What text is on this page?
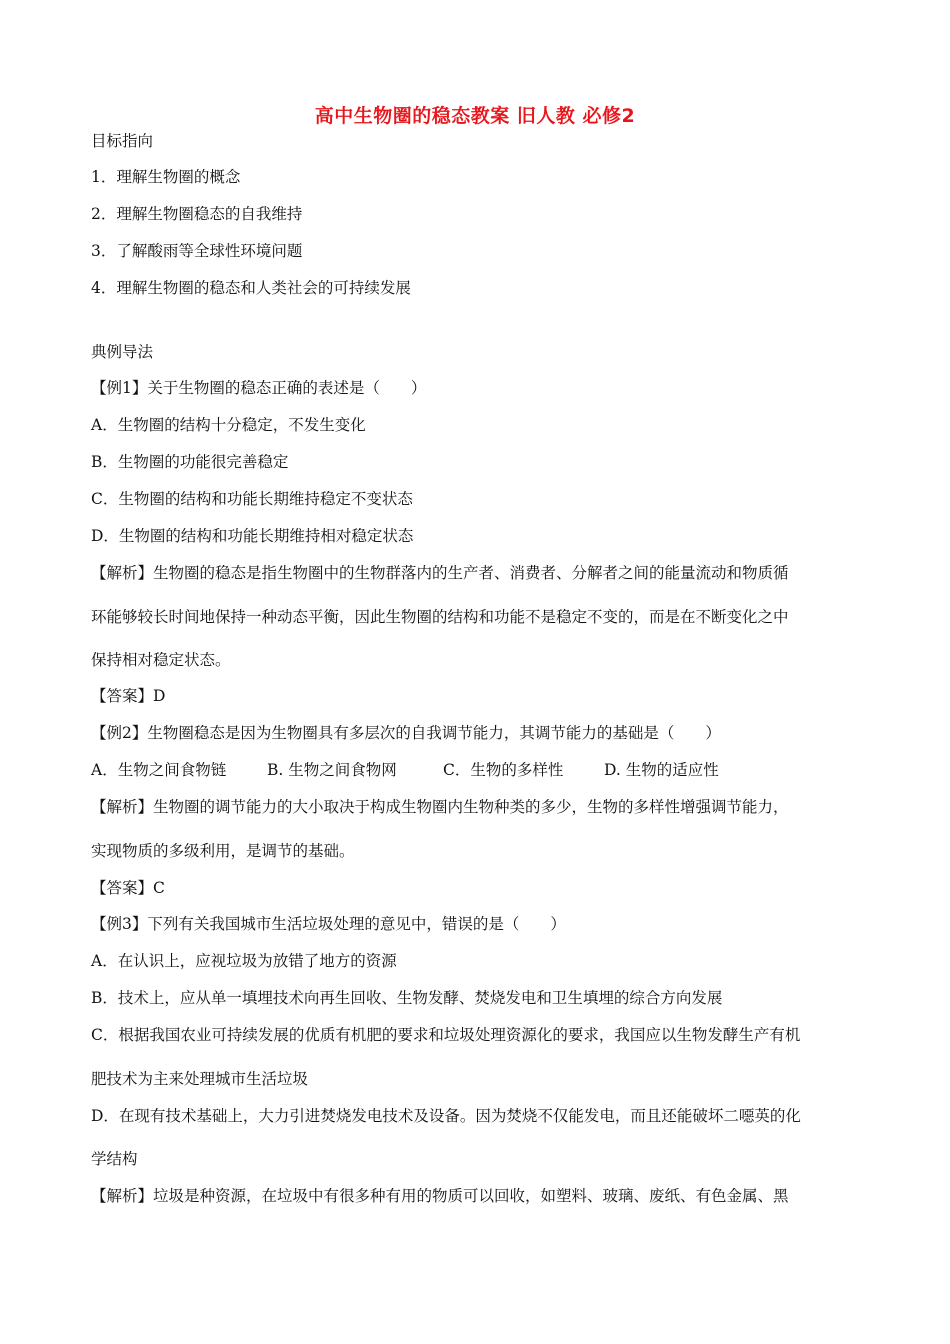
高中生物圈的稳态教案 旧人教 必修2
目标指向
1．理解生物圈的概念
2．理解生物圈稳态的自我维持
3．了解酸雨等全球性环境问题
4．理解生物圈的稳态和人类社会的可持续发展
典例导法
【例1】关于生物圈的稳态正确的表述是（　　）
A．生物圈的结构十分稳定，不发生变化
B．生物圈的功能很完善稳定
C．生物圈的结构和功能长期维持稳定不变状态
D．生物圈的结构和功能长期维持相对稳定状态
【解析】生物圈的稳态是指生物圈中的生物群落内的生产者、消费者、分解者之间的能量流动和物质循
环能够较长时间地保持一种动态平衡，因此生物圈的结构和功能不是稳定不变的，而是在不断变化之中
保持相对稳定状态。
【答案】D
【例2】生物圈稳态是因为生物圈具有多层次的自我调节能力，其调节能力的基础是（　　）
A．生物之间食物链	B. 生物之间食物网	C．生物的多样性	D. 生物的适应性
【解析】生物圈的调节能力的大小取决于构成生物圈内生物种类的多少，生物的多样性增强调节能力，
实现物质的多级利用，是调节的基础。
【答案】C
【例3】下列有关我国城市生活垃圾处理的意见中，错误的是（　　）
A．在认识上，应视垃圾为放错了地方的资源
B．技术上，应从单一填埋技术向再生回收、生物发酵、焚烧发电和卫生填埋的综合方向发展
C．根据我国农业可持续发展的优质有机肥的要求和垃圾处理资源化的要求，我国应以生物发酵生产有机
肥技术为主来处理城市生活垃圾
D．在现有技术基础上，大力引进焚烧发电技术及设备。因为焚烧不仅能发电，而且还能破坏二噁英的化
学结构
【解析】垃圾是种资源，在垃圾中有很多种有用的物质可以回收，如塑料、玻璃、废纸、有色金属、黑
